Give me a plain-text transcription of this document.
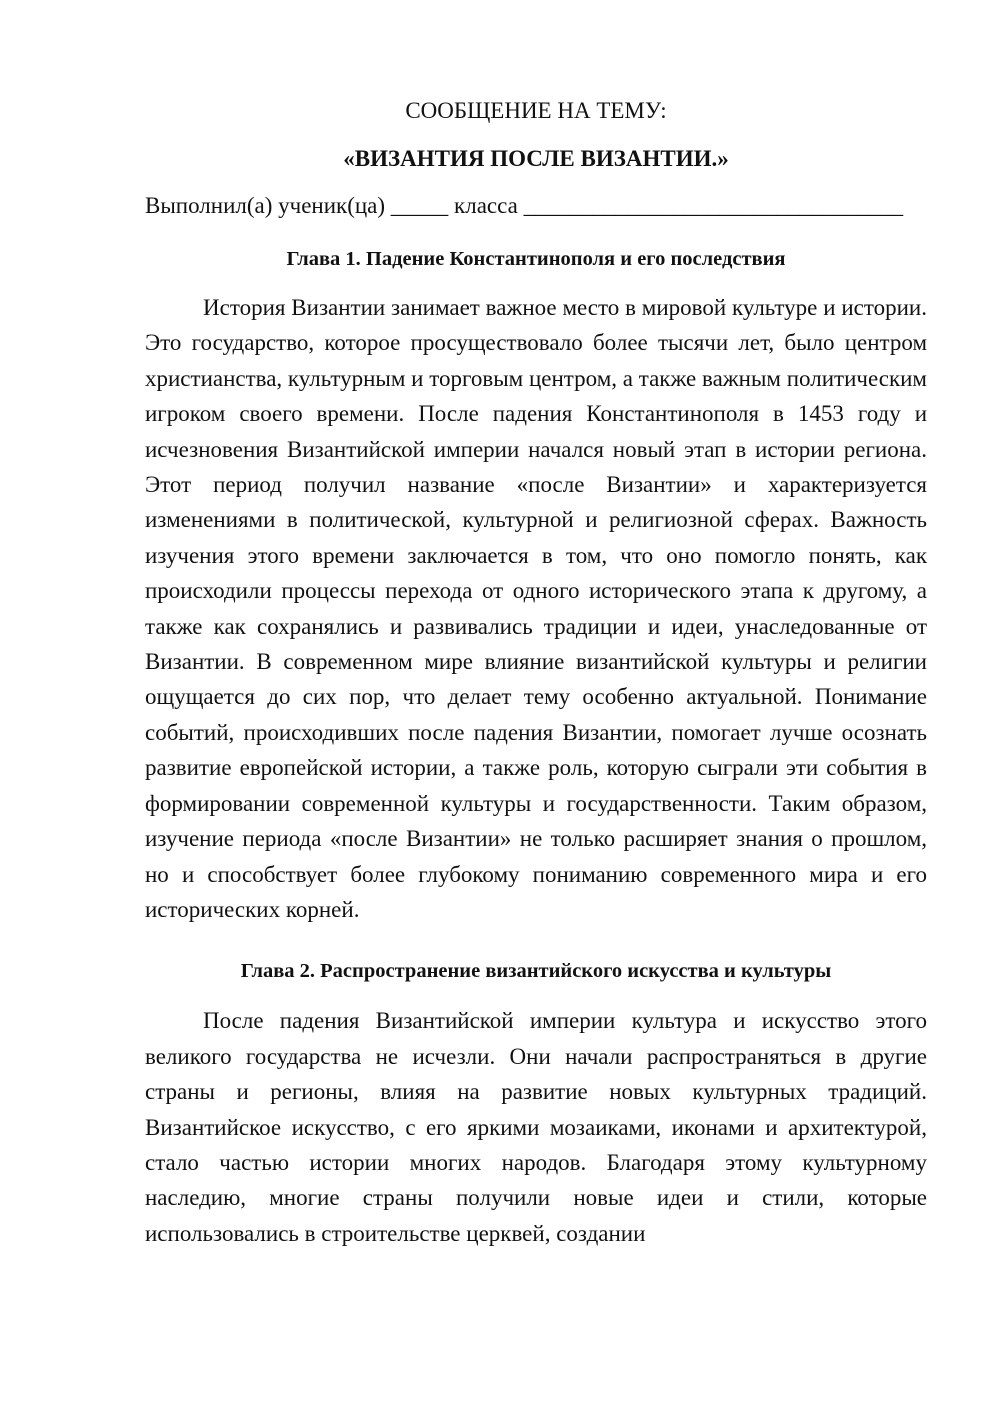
СООБЩЕНИЕ НА ТЕМУ:

«ВИЗАНТИЯ ПОСЛЕ ВИЗАНТИИ.»

Выполнил(а) ученик(ца) _____ класса _________________________________

Глава 1. Падение Константинополя и его последствия

История Византии занимает важное место в мировой культуре и истории. Это государство, которое просуществовало более тысячи лет, было центром христианства, культурным и торговым центром, а также важным политическим игроком своего времени. После падения Константинополя в 1453 году и исчезновения Византийской империи начался новый этап в истории региона. Этот период получил название «после Византии» и характеризуется изменениями в политической, культурной и религиозной сферах. Важность изучения этого времени заключается в том, что оно помогло понять, как происходили процессы перехода от одного исторического этапа к другому, а также как сохранялись и развивались традиции и идеи, унаследованные от Византии. В современном мире влияние византийской культуры и религии ощущается до сих пор, что делает тему особенно актуальной. Понимание событий, происходивших после падения Византии, помогает лучше осознать развитие европейской истории, а также роль, которую сыграли эти события в формировании современной культуры и государственности. Таким образом, изучение периода «после Византии» не только расширяет знания о прошлом, но и способствует более глубокому пониманию современного мира и его исторических корней.

Глава 2. Распространение византийского искусства и культуры

После падения Византийской империи культура и искусство этого великого государства не исчезли. Они начали распространяться в другие страны и регионы, влияя на развитие новых культурных традиций. Византийское искусство, с его яркими мозаиками, иконами и архитектурой, стало частью истории многих народов. Благодаря этому культурному наследию, многие страны получили новые идеи и стили, которые использовались в строительстве церквей, создании
